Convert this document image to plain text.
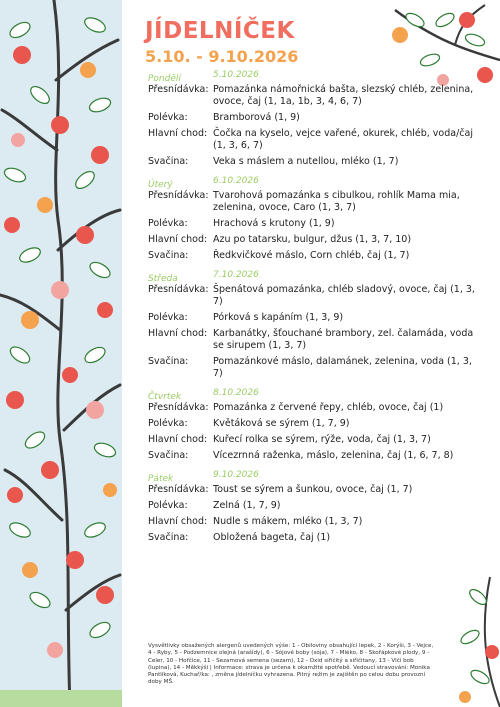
JÍDELNÍČEK
5.10. - 9.10.2026
Pondělí	5.10.2026
Přesnídávka: Pomazánka námořnická bašta, slezský chléb, zelenina, ovoce, čaj (1, 1a, 1b, 3, 4, 6, 7)
Polévka:	Bramborová (1, 9)
Hlavní chod: Čočka na kyselo, vejce vařené, okurek, chléb, voda/čaj (1, 3, 6, 7)
Svačina:	Veka s máslem a nutellou, mléko (1, 7)
Úterý	6.10.2026
Přesnídávka: Tvarohová pomazánka s cibulkou, rohlík Mama mia, zelenina, ovoce, Caro (1, 3, 7)
Polévka:	Hrachová s krutony (1, 9)
Hlavní chod: Azu po tatarsku, bulgur, džus (1, 3, 7, 10)
Svačina:	Ředkvičkové máslo, Corn chléb, čaj (1, 7)
Středa	7.10.2026
Přesnídávka: Špenátová pomazánka, chléb sladový, ovoce, čaj (1, 3, 7)
Polévka:	Pórková s kapáním (1, 3, 9)
Hlavní chod: Karbanátky, šťouchané brambory, zel. čalamáda, voda se sirupem (1, 3, 7)
Svačina:	Pomazánkové máslo, dalamánek, zelenina, voda (1, 3, 7)
Čtvrtek	8.10.2026
Přesnídávka: Pomazánka z červené řepy, chléb, ovoce, čaj (1)
Polévka:	Květáková se sýrem (1, 7, 9)
Hlavní chod: Kuřecí rolka se sýrem, rýže, voda, čaj (1, 3, 7)
Svačina:	Vícezrnná raženka, máslo, zelenina, čaj (1, 6, 7, 8)
Pátek	9.10.2026
Přesnídávka: Toust se sýrem a šunkou, ovoce, čaj (1, 7)
Polévka:	Zelná (1, 7, 9)
Hlavní chod: Nudle s mákem, mléko (1, 3, 7)
Svačina:	Obložená bageta, čaj (1)
Vysvětlivky obsažených alergenů uvedených výše: 1 - Obiloviny obsahující lepek, 2 - Korýši, 3 - Vejce, 4 - Ryby, 5 - Podzemnice olejná (arašídy), 6 - Sójové boby (sója), 7 - Mléko, 8 - Skořápkové plody, 9 - Celer, 10 - Hořčice, 11 - Sezamová semena (sezam), 12 - Oxid siřičitý a siřičitany, 13 - Vlčí bob (lupina), 14 - Měkkýši | Informace: strava je určena k okamžité spotřebě. Vedoucí stravování: Monika Pantlíková, Kuchař/ka: , změna jídelníčku vyhrazena. Pitný režim je zajištěn po celou dobu provozní doby MŠ.
